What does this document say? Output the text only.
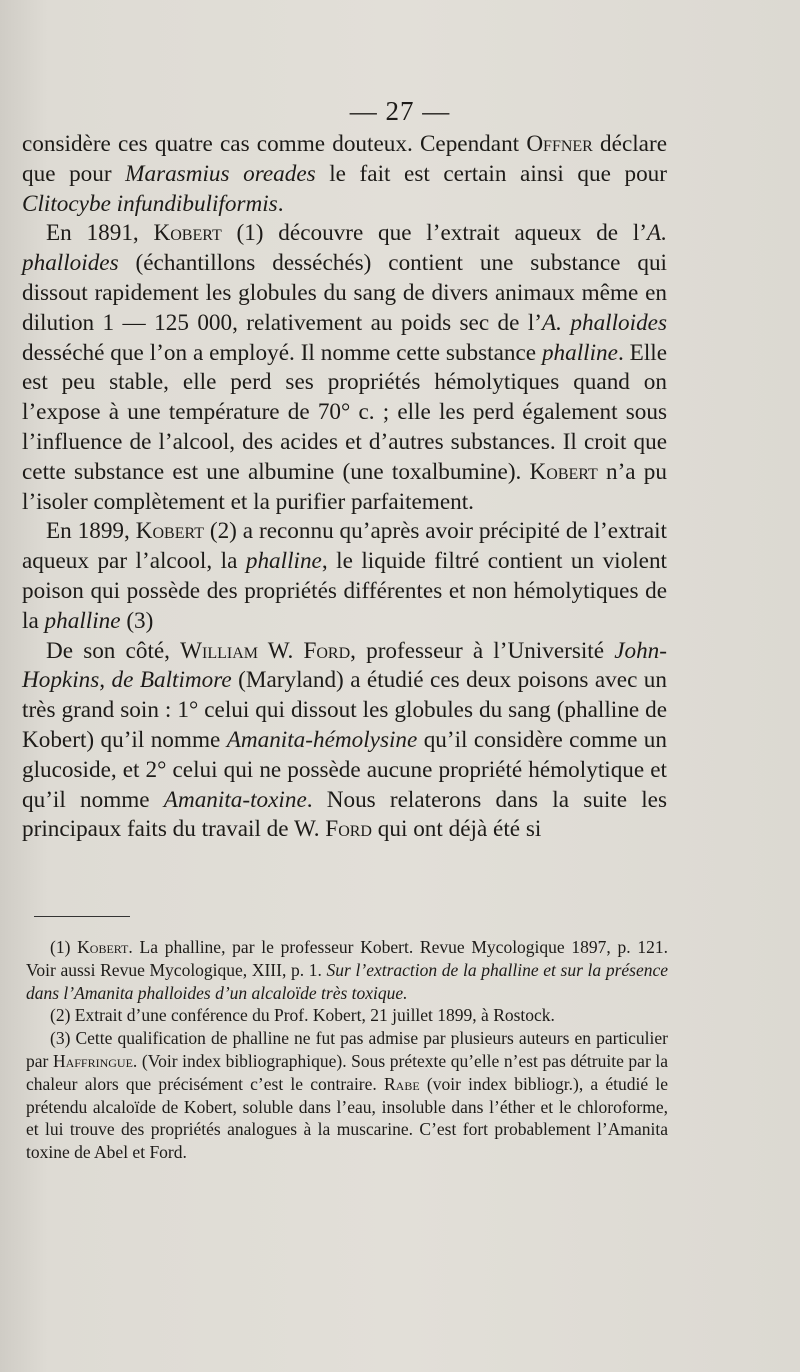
— 27 —

considère ces quatre cas comme douteux. Cependant Offner déclare que pour Marasmius oreades le fait est certain ainsi que pour Clitocybe infundibuliformis.

En 1891, Kobert (1) découvre que l’extrait aqueux de l’A. phalloides (échantillons desséchés) contient une substance qui dissout rapidement les globules du sang de divers animaux même en dilution 1 — 125 000, relativement au poids sec de l’A. phalloides desséché que l’on a employé. Il nomme cette substance phalline. Elle est peu stable, elle perd ses propriétés hémolytiques quand on l’expose à une température de 70° c. ; elle les perd également sous l’influence de l’alcool, des acides et d’autres substances. Il croit que cette substance est une albumine (une toxalbumine). Kobert n’a pu l’isoler complètement et la purifier parfaitement.

En 1899, Kobert (2) a reconnu qu’après avoir précipité de l’extrait aqueux par l’alcool, la phalline, le liquide filtré contient un violent poison qui possède des propriétés différentes et non hémolytiques de la phalline (3)

De son côté, William W. Ford, professeur à l’Université John-Hopkins, de Baltimore (Maryland) a étudié ces deux poisons avec un très grand soin : 1° celui qui dissout les globules du sang (phalline de Kobert) qu’il nomme Amanita-hémolysine qu’il considère comme un glucoside, et 2° celui qui ne possède aucune propriété hémolytique et qu’il nomme Amanita-toxine. Nous relaterons dans la suite les principaux faits du travail de W. Ford qui ont déjà été si

(1) Kobert. La phalline, par le professeur Kobert. Revue Mycologique 1897, p. 121. Voir aussi Revue Mycologique, XIII, p. 1. Sur l’extraction de la phalline et sur la présence dans l’Amanita phalloides d’un alcaloïde très toxique.

(2) Extrait d’une conférence du Prof. Kobert, 21 juillet 1899, à Rostock.

(3) Cette qualification de phalline ne fut pas admise par plusieurs auteurs en particulier par Haffringue. (Voir index bibliographique). Sous prétexte qu’elle n’est pas détruite par la chaleur alors que précisément c’est le contraire. Rabe (voir index bibliogr.), a étudié le prétendu alcaloïde de Kobert, soluble dans l’eau, insoluble dans l’éther et le chloroforme, et lui trouve des propriétés analogues à la muscarine. C’est fort probablement l’Amanita toxine de Abel et Ford.
